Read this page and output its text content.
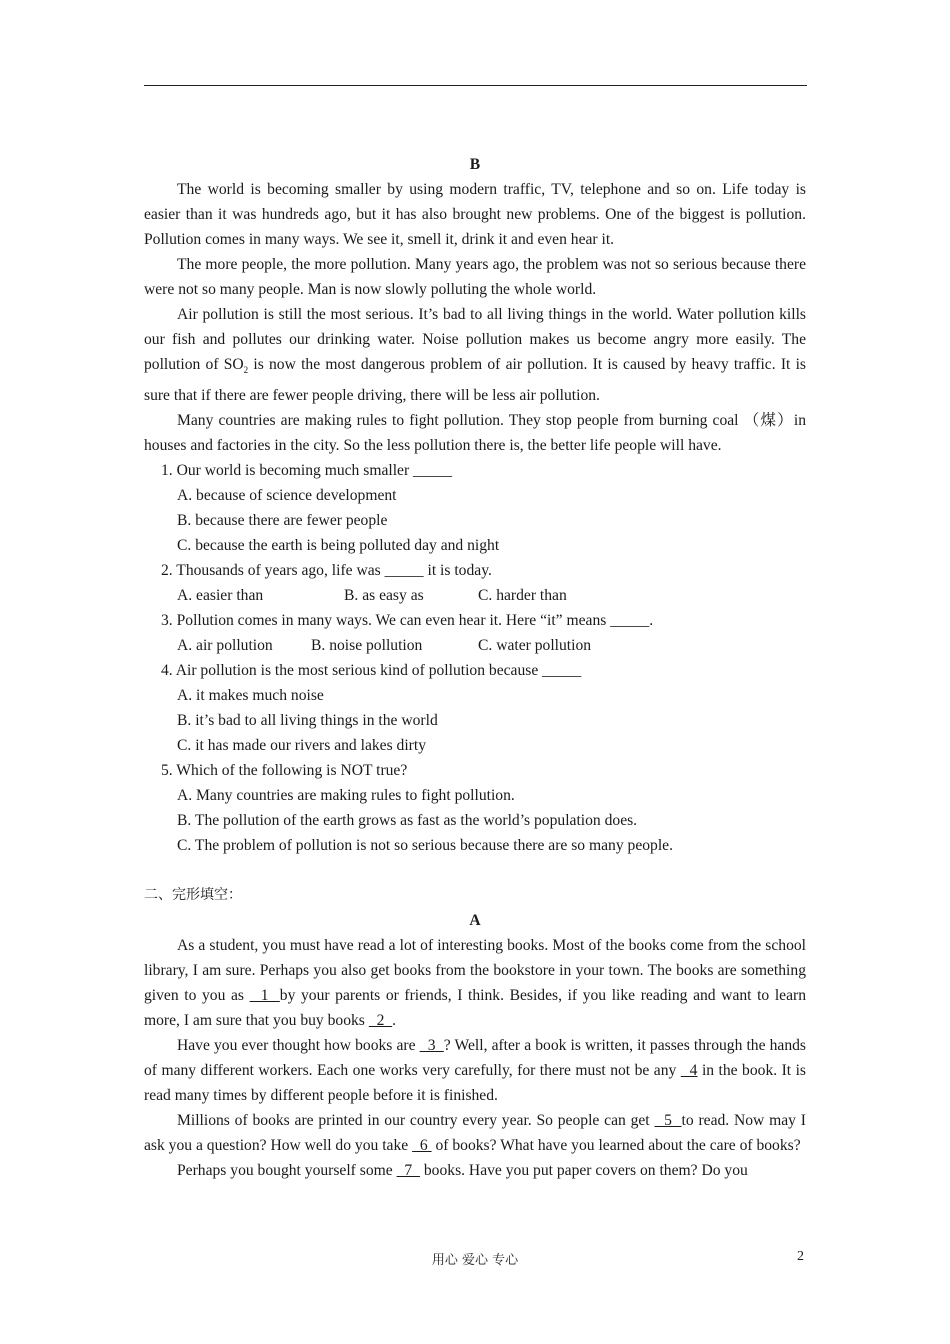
B

The world is becoming smaller by using modern traffic, TV, telephone and so on. Life today is easier than it was hundreds ago, but it has also brought new problems. One of the biggest is pollution. Pollution comes in many ways. We see it, smell it, drink it and even hear it.

The more people, the more pollution. Many years ago, the problem was not so serious because there were not so many people. Man is now slowly polluting the whole world.

Air pollution is still the most serious. It’s bad to all living things in the world. Water pollution kills our fish and pollutes our drinking water. Noise pollution makes us become angry more easily. The pollution of $SO_2$ is now the most dangerous problem of air pollution. It is caused by heavy traffic. It is sure that if there are fewer people driving, there will be less air pollution.

Many countries are making rules to fight pollution. They stop people from burning coal （煤）in houses and factories in the city. So the less pollution there is, the better life people will have.

1. Our world is becoming much smaller _____

A. because of science development

B. because there are fewer people

C. because the earth is being polluted day and night

2. Thousands of years ago, life was _____ it is today.

A. easier than	B. as easy as	C. harder than

3. Pollution comes in many ways. We can even hear it. Here “it” means _____.

A. air pollution	B. noise pollution	C. water pollution

4. Air pollution is the most serious kind of pollution because _____

A. it makes much noise

B. it’s bad to all living things in the world

C. it has made our rivers and lakes dirty

5. Which of the following is NOT true?

A. Many countries are making rules to fight pollution.

B. The pollution of the earth grows as fast as the world’s population does.

C. The problem of pollution is not so serious because there are so many people.

二、完形填空：

A

As a student, you must have read a lot of interesting books. Most of the books come from the school library, I am sure. Perhaps you also get books from the bookstore in your town. The books are something given to you as   1  by your parents or friends, I think. Besides, if you like reading and want to learn more, I am sure that you buy books   2  .

Have you ever thought how books are   3  ? Well, after a book is written, it passes through the hands of many different workers. Each one works very carefully, for there must not be any   4 in the book. It is read many times by different people before it is finished.

Millions of books are printed in our country every year. So people can get   5  to read. Now may I ask you a question? How well do you take   6  of books? What have you learned about the care of books?

Perhaps you bought yourself some   7   books. Have you put paper covers on them? Do you

用心 爱心 专心	2
